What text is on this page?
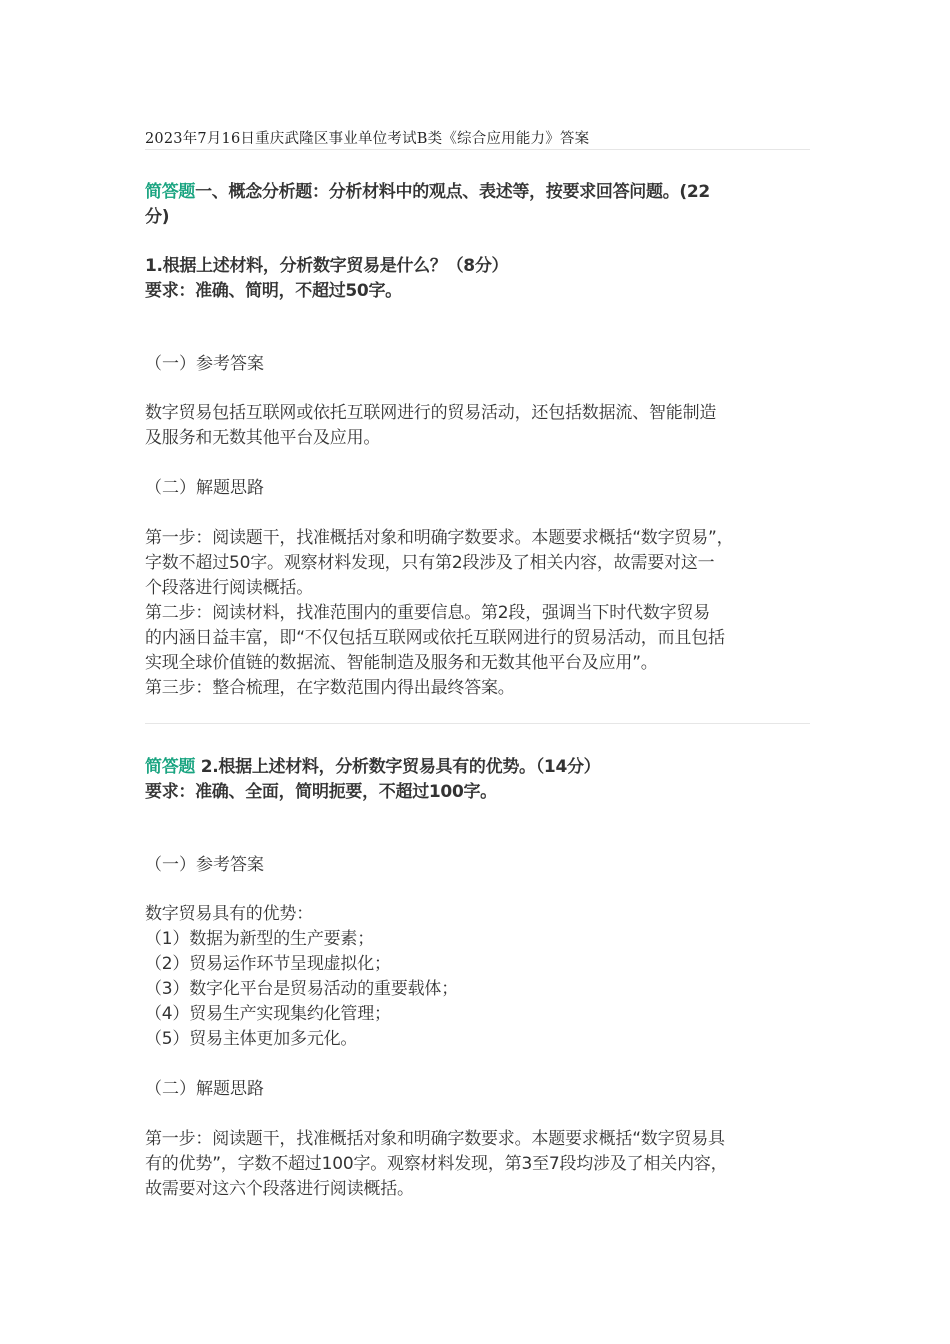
2023年7月16日重庆武隆区事业单位考试B类《综合应用能力》答案
简答题一、概念分析题：分析材料中的观点、表述等，按要求回答问题。(22
分)
1.根据上述材料，分析数字贸易是什么？（8分）
要求：准确、简明，不超过50字。
（一）参考答案
数字贸易包括互联网或依托互联网进行的贸易活动，还包括数据流、智能制造
及服务和无数其他平台及应用。
（二）解题思路
第一步：阅读题干，找准概括对象和明确字数要求。本题要求概括“数字贸易”，
字数不超过50字。观察材料发现，只有第2段涉及了相关内容，故需要对这一
个段落进行阅读概括。
第二步：阅读材料，找准范围内的重要信息。第2段，强调当下时代数字贸易
的内涵日益丰富，即“不仅包括互联网或依托互联网进行的贸易活动，而且包括
实现全球价值链的数据流、智能制造及服务和无数其他平台及应用”。
第三步：整合梳理，在字数范围内得出最终答案。
简答题 2.根据上述材料，分析数字贸易具有的优势。（14分）
要求：准确、全面，简明扼要，不超过100字。
（一）参考答案
数字贸易具有的优势：
（1）数据为新型的生产要素；
（2）贸易运作环节呈现虚拟化；
（3）数字化平台是贸易活动的重要载体；
（4）贸易生产实现集约化管理；
（5）贸易主体更加多元化。
（二）解题思路
第一步：阅读题干，找准概括对象和明确字数要求。本题要求概括“数字贸易具
有的优势”，字数不超过100字。观察材料发现，第3至7段均涉及了相关内容，
故需要对这六个段落进行阅读概括。
